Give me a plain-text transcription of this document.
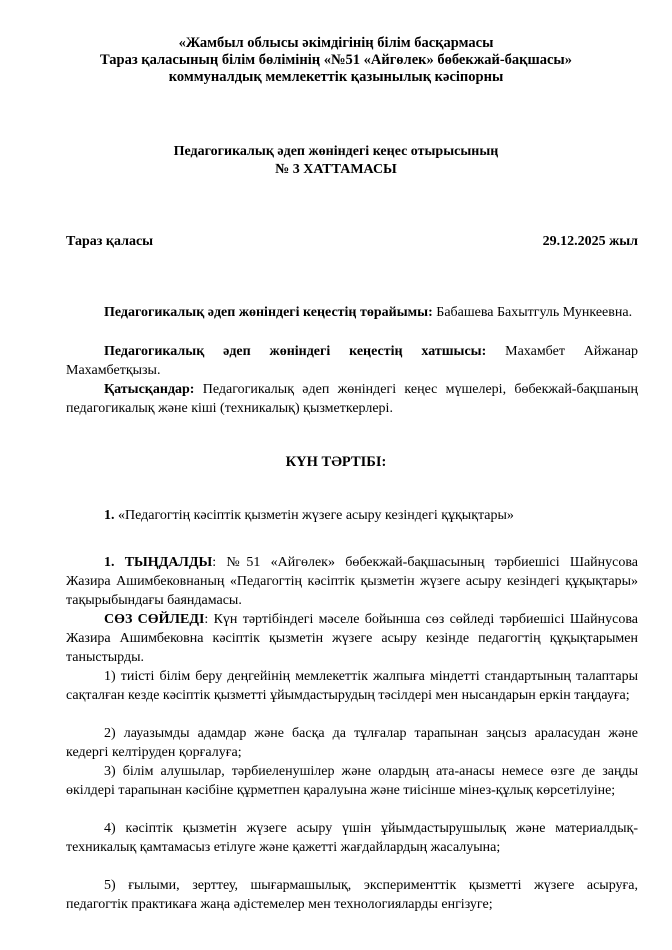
«Жамбыл облысы әкімдігінің білім басқармасы
Тараз қаласының білім бөлімінің «№51 «Айгөлек» бөбекжай-бақшасы»
коммуналдық мемлекеттік қазынылық кәсіпорны
Педагогикалық әдеп жөніндегі кеңес отырысының
№ 3 ХАТТАМАСЫ
Тараз қаласы	29.12.2025 жыл
Педагогикалық әдеп жөніндегі кеңестің төрайымы: Бабашева Бахытгуль Мункеевна.
Педагогикалық әдеп жөніндегі кеңестің хатшысы: Махамбет Айжанар Махамбетқызы.
Қатысқандар: Педагогикалық әдеп жөніндегі кеңес мүшелері, бөбекжай-бақшаның педагогикалық және кіші (техникалық) қызметкерлері.
КҮН ТӘРТІБІ:
1. «Педагогтің кәсіптік қызметін жүзеге асыру кезіндегі құқықтары»
1. ТЫҢДАЛДЫ: №51 «Айгөлек» бөбекжай-бақшасының тәрбиешісі Шайнусова Жазира Ашимбековнаның «Педагогтің кәсіптік қызметін жүзеге асыру кезіндегі құқықтары» тақырыбындағы баяндамасы.
СӨЗ СӨЙЛЕДІ: Күн тәртібіндегі мәселе бойынша сөз сөйледі тәрбиешісі Шайнусова Жазира Ашимбековна кәсіптік қызметін жүзеге асыру кезінде педагогтің құқықтарымен таныстырды.
1) тиісті білім беру деңгейінің мемлекеттік жалпыға міндетті стандартының талаптары сақталған кезде кәсіптік қызметті ұйымдастырудың тәсілдері мен нысандарын еркін таңдауға;
2) лауазымды адамдар және басқа да тұлғалар тарапынан заңсыз араласудан және кедергі келтіруден қорғалуға;
3) білім алушылар, тәрбиеленушілер және олардың ата-анасы немесе өзге де заңды өкілдері тарапынан кәсібіне құрметпен қаралуына және тиісінше мінез-құлық көрсетілуіне;
4) кәсіптік қызметін жүзеге асыру үшін ұйымдастырушылық және материалдық-техникалық қамтамасыз етілуге және қажетті жағдайлардың жасалуына;
5) ғылыми, зерттеу, шығармашылық, эксперименттік қызметті жүзеге асыруға, педагогтік практикаға жаңа әдістемелер мен технологияларды енгізуге;
